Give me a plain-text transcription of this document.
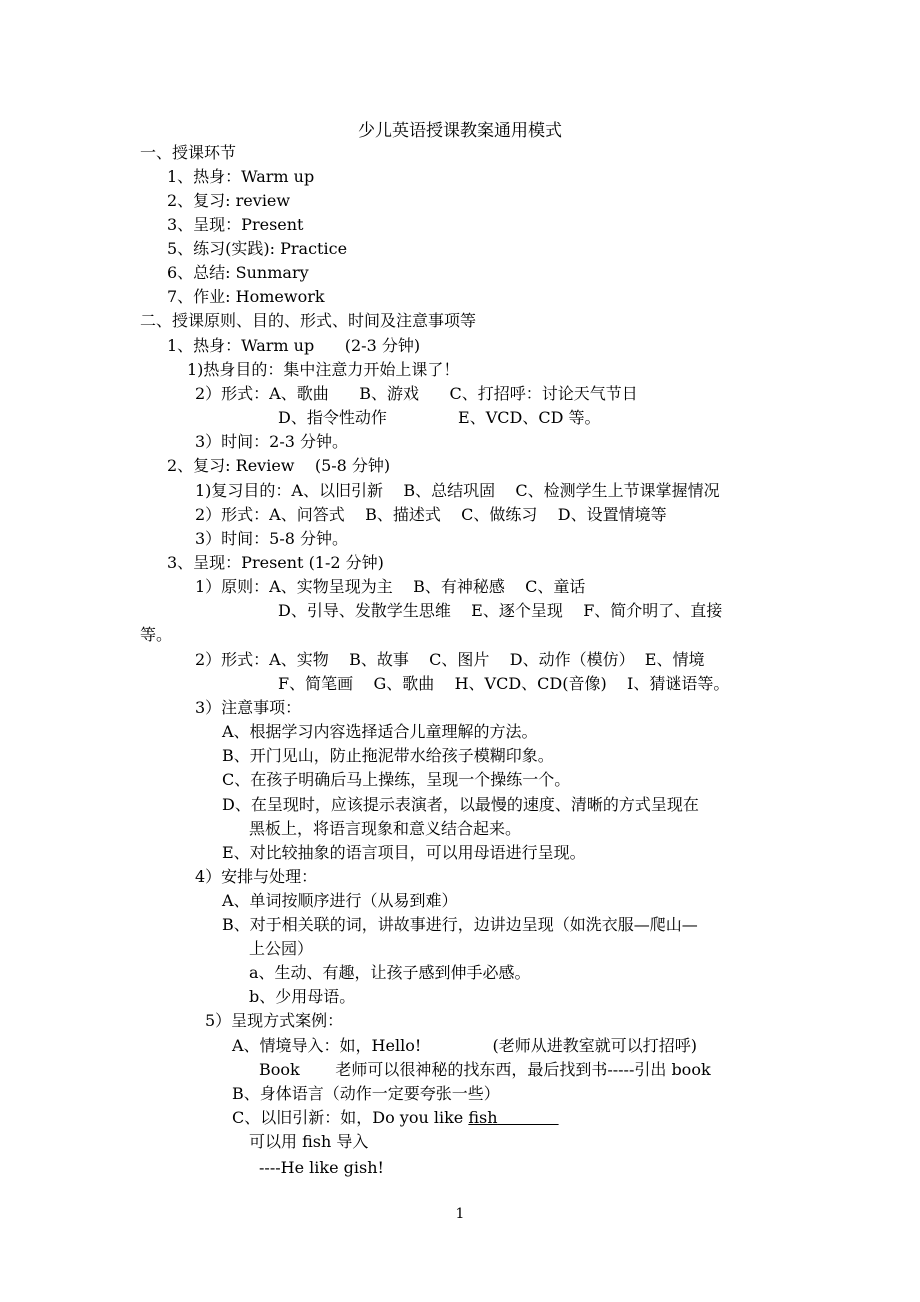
少儿英语授课教案通用模式
一、授课环节
1、热身：Warm up
2、复习: review
3、呈现：Present
5、练习(实践): Practice
6、总结: Sunmary
7、作业: Homework
二、授课原则、目的、形式、时间及注意事项等
1、热身：Warm up      (2-3 分钟)
1)热身目的：集中注意力开始上课了！
2）形式：A、歌曲      B、游戏      C、打招呼：讨论天气节日
D、指令性动作              E、VCD、CD 等。
3）时间：2-3 分钟。
2、复习: Review    (5-8 分钟)
1)复习目的：A、以旧引新    B、总结巩固    C、检测学生上节课掌握情况
2）形式：A、问答式    B、描述式    C、做练习    D、设置情境等
3）时间：5-8 分钟。
3、呈现：Present (1-2 分钟)
1）原则：A、实物呈现为主    B、有神秘感    C、童话
D、引导、发散学生思维    E、逐个呈现    F、简介明了、直接
等。
2）形式：A、实物    B、故事    C、图片    D、动作（模仿）  E、情境
F、简笔画    G、歌曲    H、VCD、CD(音像)    I、猜谜语等。
3）注意事项：
A、根据学习内容选择适合儿童理解的方法。
B、开门见山，防止拖泥带水给孩子模糊印象。
C、在孩子明确后马上操练，呈现一个操练一个。
D、在呈现时，应该提示表演者，以最慢的速度、清晰的方式呈现在
黑板上，将语言现象和意义结合起来。
E、对比较抽象的语言项目，可以用母语进行呈现。
4）安排与处理：
A、单词按顺序进行（从易到难）
B、对于相关联的词，讲故事进行，边讲边呈现（如洗衣服—爬山—
上公园）
a、生动、有趣，让孩子感到伸手必感。
b、少用母语。
5）呈现方式案例：
A、情境导入：如，Hello!              (老师从进教室就可以打招呼)
Book       老师可以很神秘的找东西，最后找到书-----引出 book
B、身体语言（动作一定要夸张一些）
C、以旧引新：如，Do you like fish
可以用 fish 导入
----He like gish!
1
